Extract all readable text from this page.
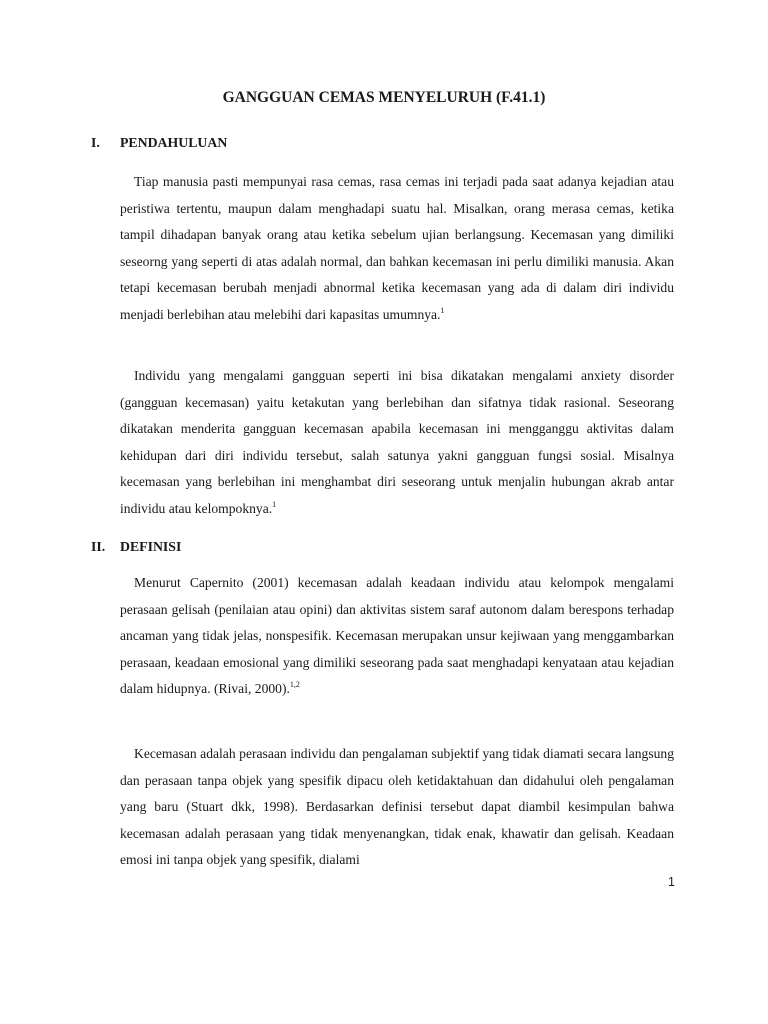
GANGGUAN CEMAS MENYELURUH (F.41.1)
I. PENDAHULUAN

Tiap manusia pasti mempunyai rasa cemas, rasa cemas ini terjadi pada saat adanya kejadian atau peristiwa tertentu, maupun dalam menghadapi suatu hal. Misalkan, orang merasa cemas, ketika tampil dihadapan banyak orang atau ketika sebelum ujian berlangsung. Kecemasan yang dimiliki seseorng yang seperti di atas adalah normal, dan bahkan kecemasan ini perlu dimiliki manusia. Akan tetapi kecemasan berubah menjadi abnormal ketika kecemasan yang ada di dalam diri individu menjadi berlebihan atau melebihi dari kapasitas umumnya.$^1$

Individu yang mengalami gangguan seperti ini bisa dikatakan mengalami anxiety disorder (gangguan kecemasan) yaitu ketakutan yang berlebihan dan sifatnya tidak rasional. Seseorang dikatakan menderita gangguan kecemasan apabila kecemasan ini mengganggu aktivitas dalam kehidupan dari diri individu tersebut, salah satunya yakni gangguan fungsi sosial. Misalnya kecemasan yang berlebihan ini menghambat diri seseorang untuk menjalin hubungan akrab antar individu atau kelompoknya.$^1$

II. DEFINISI

Menurut Capernito (2001) kecemasan adalah keadaan individu atau kelompok mengalami perasaan gelisah (penilaian atau opini) dan aktivitas sistem saraf autonom dalam berespons terhadap ancaman yang tidak jelas, nonspesifik. Kecemasan merupakan unsur kejiwaan yang menggambarkan perasaan, keadaan emosional yang dimiliki seseorang pada saat menghadapi kenyataan atau kejadian dalam hidupnya. (Rivai, 2000).$^{1,2}$

Kecemasan adalah perasaan individu dan pengalaman subjektif yang tidak diamati secara langsung dan perasaan tanpa objek yang spesifik dipacu oleh ketidaktahuan dan didahului oleh pengalaman yang baru (Stuart dkk, 1998). Berdasarkan definisi tersebut dapat diambil kesimpulan bahwa kecemasan adalah perasaan yang tidak menyenangkan, tidak enak, khawatir dan gelisah. Keadaan emosi ini tanpa objek yang spesifik, dialami

1
